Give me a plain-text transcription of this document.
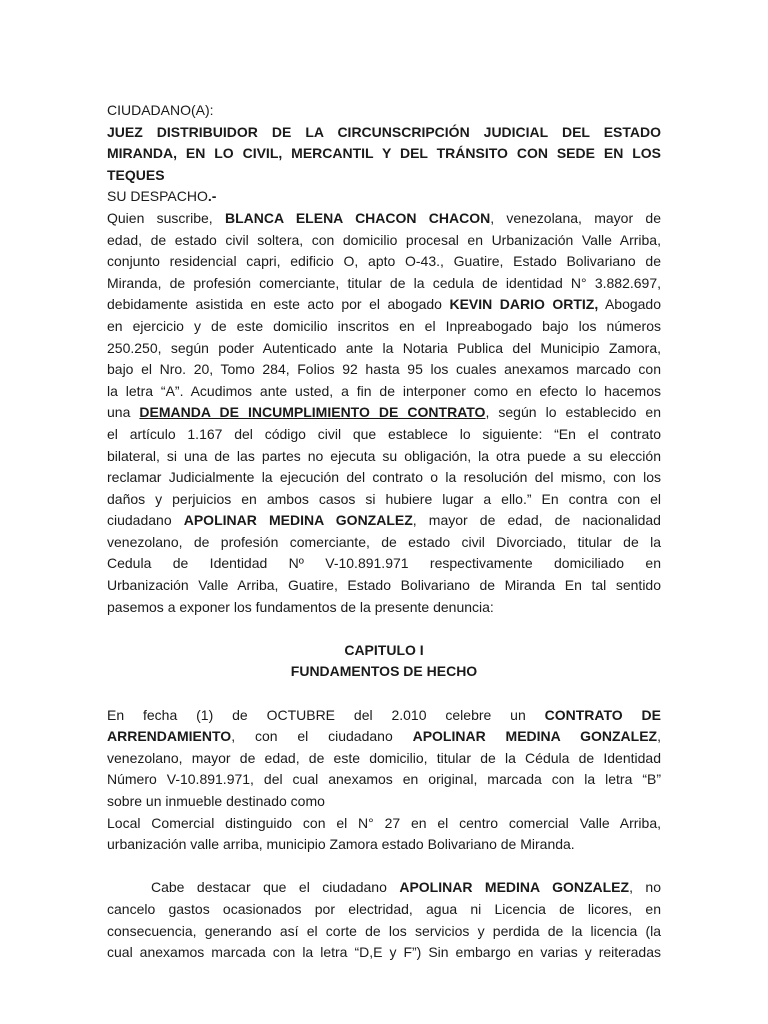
CIUDADANO(A):
JUEZ DISTRIBUIDOR DE LA CIRCUNSCRIPCIÓN JUDICIAL DEL ESTADO
MIRANDA, EN LO CIVIL, MERCANTIL Y DEL TRÁNSITO CON SEDE EN LOS
TEQUES
SU DESPACHO.-
Quien suscribe, BLANCA ELENA CHACON CHACON, venezolana, mayor de
edad, de estado civil soltera, con domicilio procesal en Urbanización Valle Arriba,
conjunto residencial capri, edificio O, apto O-43., Guatire, Estado Bolivariano de
Miranda, de profesión comerciante, titular de la cedula de identidad N° 3.882.697,
debidamente asistida en este acto por el abogado KEVIN DARIO ORTIZ, Abogado
en ejercicio y de este domicilio inscritos en el Inpreabogado bajo los números
250.250, según poder Autenticado ante la Notaria Publica del Municipio Zamora,
bajo el Nro. 20, Tomo 284, Folios 92 hasta 95 los cuales anexamos marcado con
la letra “A”. Acudimos ante usted, a fin de interponer como en efecto lo hacemos
una DEMANDA DE INCUMPLIMIENTO DE CONTRATO, según lo establecido en
el artículo 1.167 del código civil que establece lo siguiente: “En el contrato
bilateral, si una de las partes no ejecuta su obligación, la otra puede a su elección
reclamar Judicialmente la ejecución del contrato o la resolución del mismo, con los
daños y perjuicios en ambos casos si hubiere lugar a ello.” En contra con el
ciudadano APOLINAR MEDINA GONZALEZ, mayor de edad, de nacionalidad
venezolano, de profesión comerciante, de estado civil Divorciado, titular de la
Cedula de Identidad Nº V-10.891.971 respectivamente domiciliado en
Urbanización Valle Arriba, Guatire, Estado Bolivariano de Miranda En tal sentido
pasemos a exponer los fundamentos de la presente denuncia:
CAPITULO I
FUNDAMENTOS DE HECHO
En fecha (1) de OCTUBRE del 2.010 celebre un CONTRATO DE
ARRENDAMIENTO, con el ciudadano APOLINAR MEDINA GONZALEZ,
venezolano, mayor de edad, de este domicilio, titular de la Cédula de Identidad
Número V-10.891.971, del cual anexamos en original, marcada con la letra “B”
sobre un inmueble destinado como
Local Comercial distinguido con el N° 27 en el centro comercial Valle Arriba,
urbanización valle arriba, municipio Zamora estado Bolivariano de Miranda.
Cabe destacar que el ciudadano APOLINAR MEDINA GONZALEZ, no
cancelo gastos ocasionados por electridad, agua ni Licencia de licores, en
consecuencia, generando así el corte de los servicios y perdida de la licencia (la
cual anexamos marcada con la letra “D,E y F”) Sin embargo en varias y reiteradas
